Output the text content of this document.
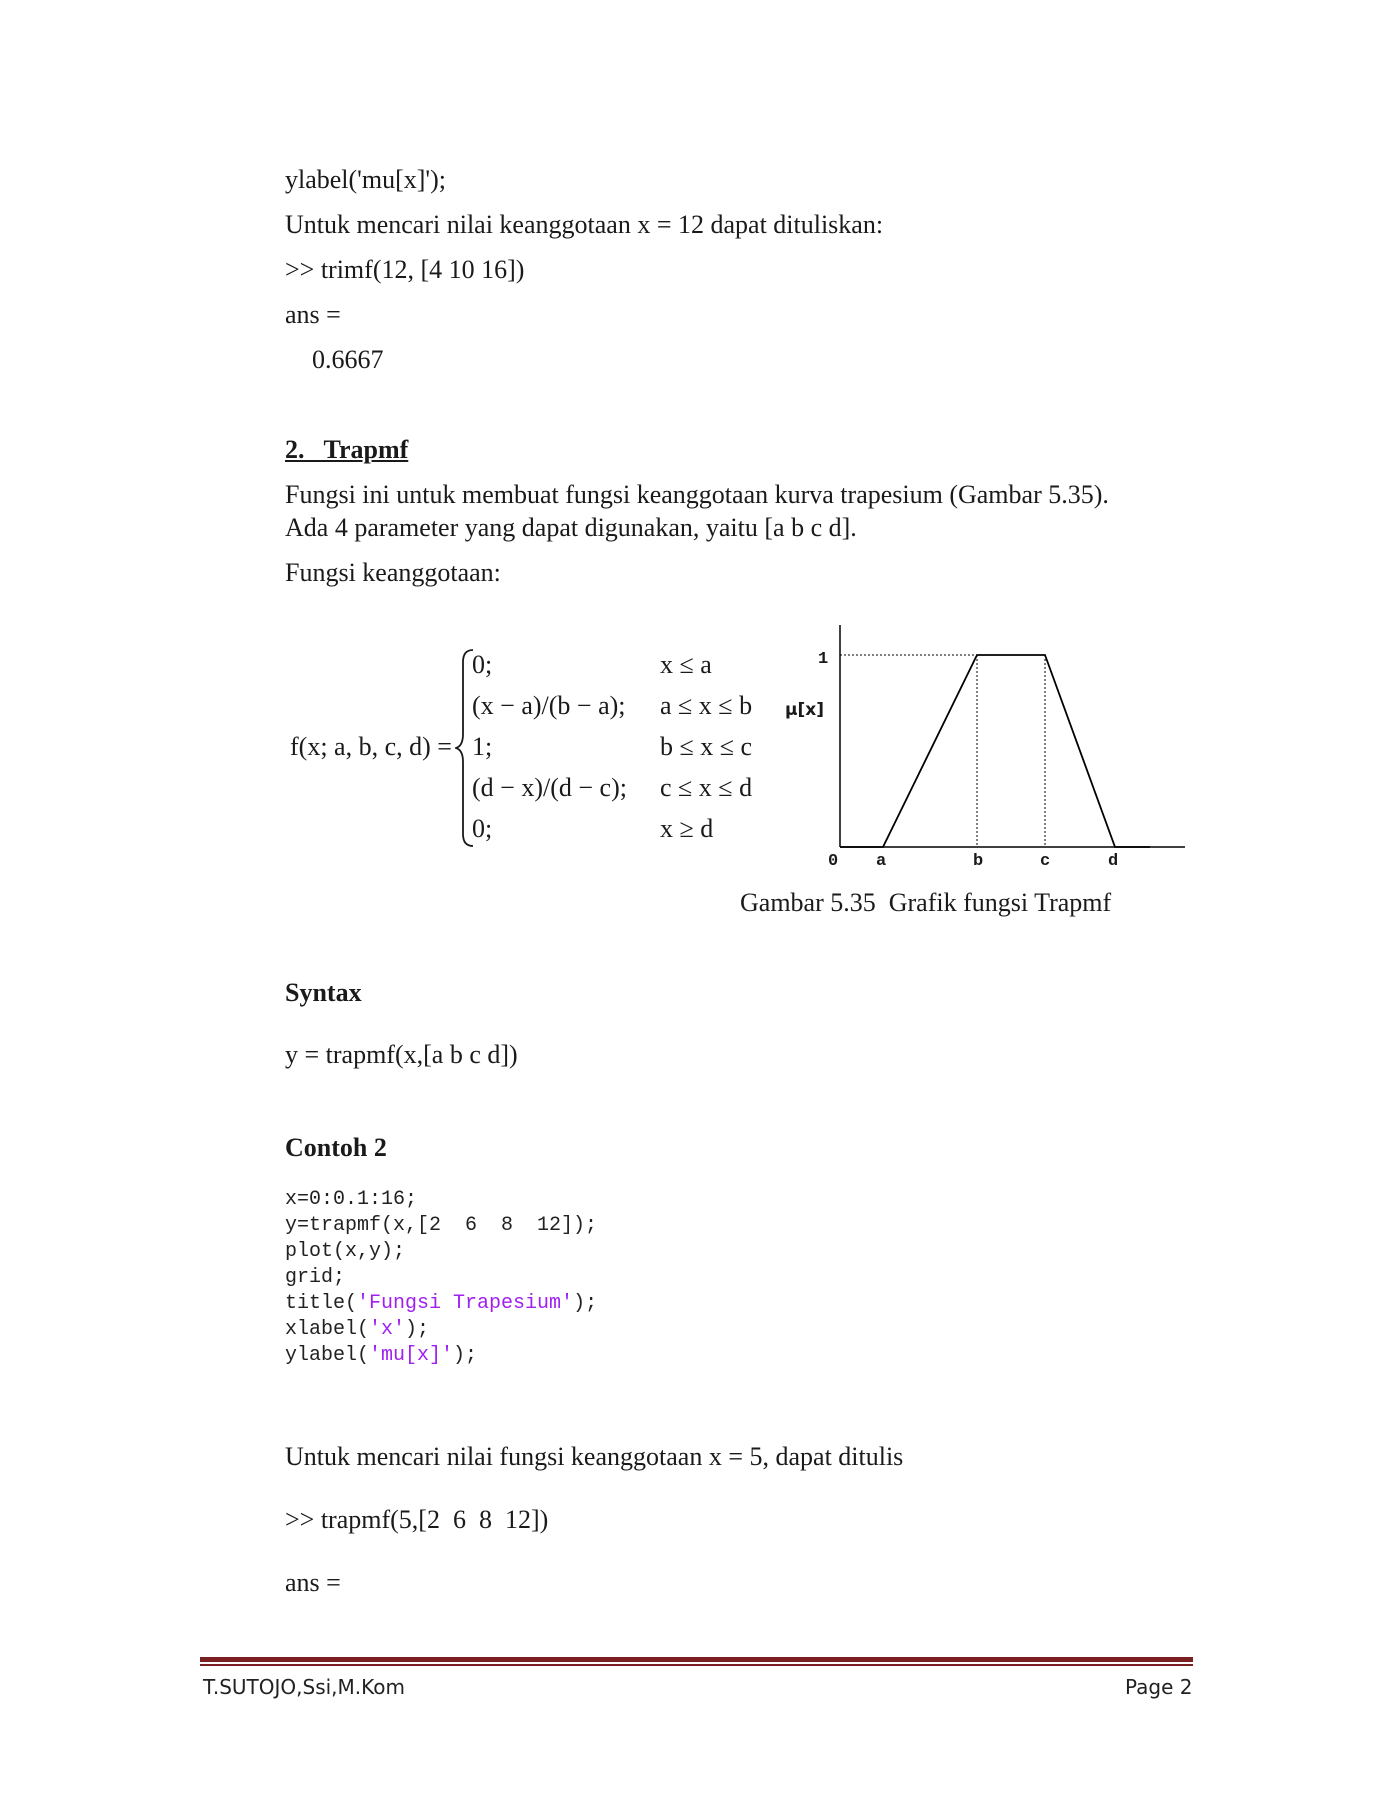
ylabel('mu[x]');
Untuk mencari nilai keanggotaan x = 12 dapat dituliskan:
>> trimf(12, [4 10 16])
ans =
0.6667
2.   Trapmf
Fungsi ini untuk membuat fungsi keanggotaan kurva trapesium (Gambar 5.35).
Ada 4 parameter yang dapat digunakan, yaitu [a b c d].
Fungsi keanggotaan:
f(x; a, b, c, d) =
0;	x ≤ a
(x − a)/(b − a); a ≤ x ≤ b
1;	b ≤ x ≤ c
(d − x)/(d − c); c ≤ x ≤ d
0;	x ≥ d
1
μ[x]
0 a	b	c	d
Gambar 5.35  Grafik fungsi Trapmf
Syntax
y = trapmf(x,[a b c d])
Contoh 2
x=0:0.1:16;
y=trapmf(x,[2  6  8  12]);
plot(x,y);
grid;
title('Fungsi Trapesium');
xlabel('x');
ylabel('mu[x]');
Untuk mencari nilai fungsi keanggotaan x = 5, dapat ditulis
>> trapmf(5,[2  6  8  12])
ans =
T.SUTOJO,Ssi,M.Kom	Page 2
